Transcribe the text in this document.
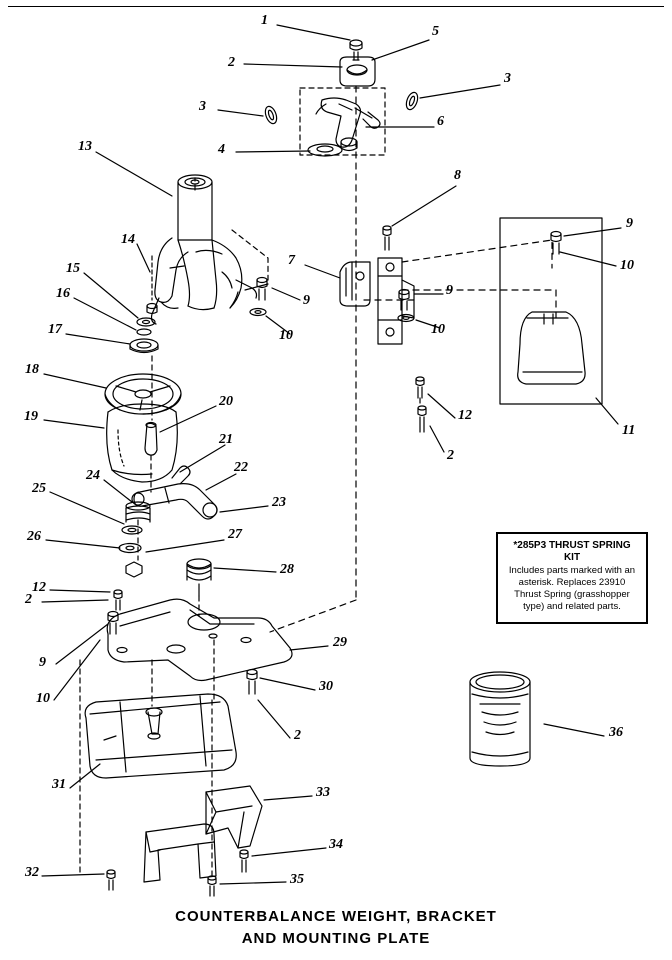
·· ·· ·· ·· ·· ··· ·· ··· ·· ·· ··· ·· ··· ··· ·· ·· ···
1
2
5
3
3
6
4
13
8
9
10
14
7
15
9
9
16
10	10
17
18
12
11
19
20
2
21
22
24
25
23
26	27
28
12
2
29
9
30
10
2	36
31
33
34
32	35
*285P3 THRUST SPRING KIT
Includes parts marked with an asterisk. Replaces 23910 Thrust Spring (grasshopper type) and related parts.
COUNTERBALANCE WEIGHT, BRACKET
AND MOUNTING PLATE
